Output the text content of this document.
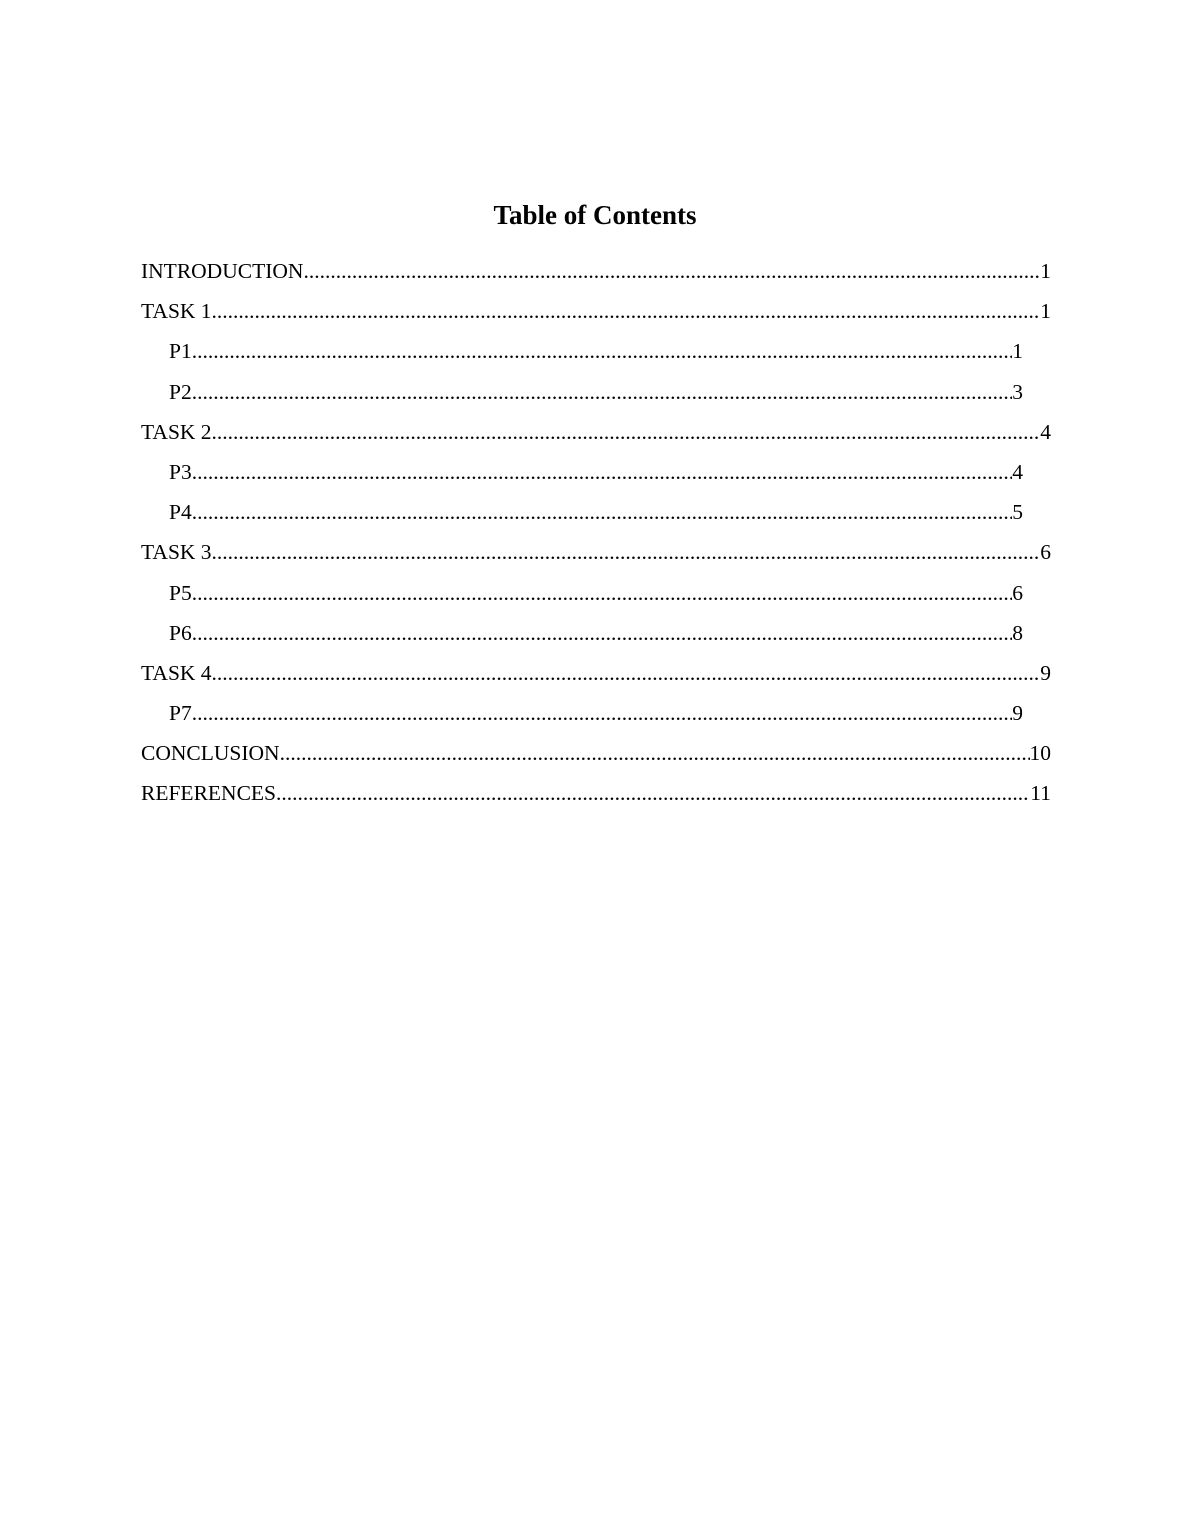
Table of Contents
INTRODUCTION .....	1
TASK 1 .....	1
P1 .....	1
P2 .....	3
TASK 2 .....	4
P3 .....	4
P4 .....	5
TASK 3 .....	6
P5 .....	6
P6 .....	8
TASK 4 .....	9
P7 .....	9
CONCLUSION .....	10
REFERENCES .....	11
